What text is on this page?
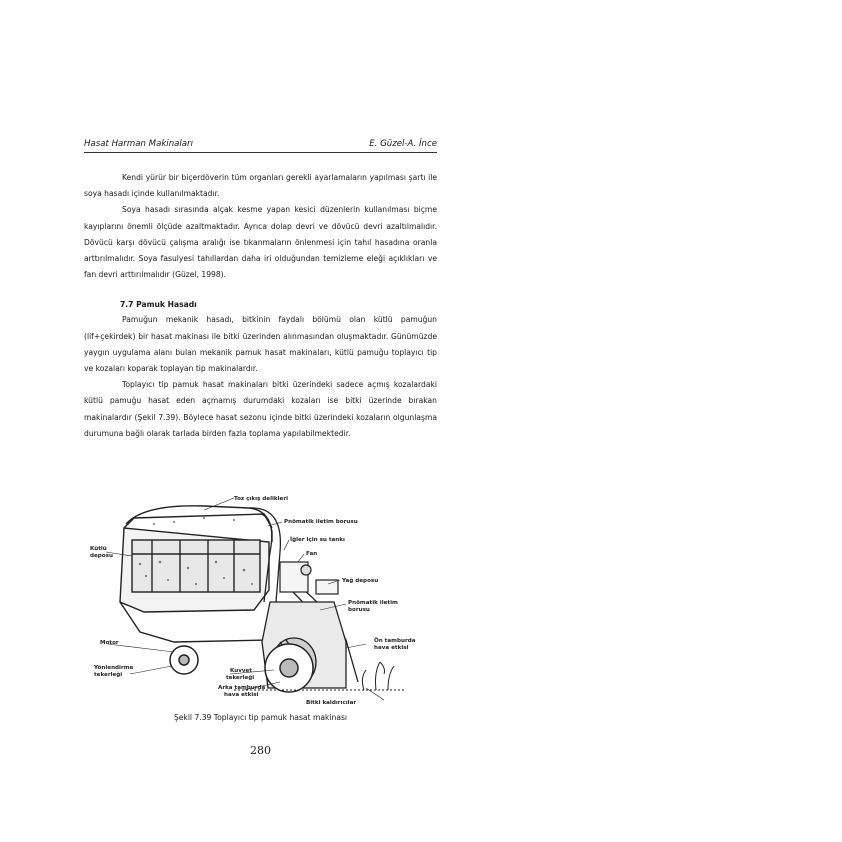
Hasat Harman Makinaları	E. Güzel-A. İnce

Kendi yürür bir biçerdöverin tüm organları gerekli ayarlamaların yapılması şartı ile soya hasadı içinde kullanılmaktadır.

Soya hasadı sırasında alçak kesme yapan kesici düzenlerin kullanılması biçme kayıplarını önemli ölçüde azaltmaktadır. Ayrıca dolap devri ve dövücü devri azaltılmalıdır. Dövücü karşı dövücü çalışma aralığı ise tıkanmaların önlenmesi için tahıl hasadına oranla arttırılmalıdır. Soya fasulyesi tahıllardan daha iri olduğundan temizleme eleği açıklıkları ve fan devri arttırılmalıdır (Güzel, 1998).

7.7 Pamuk Hasadı

Pamuğun mekanik hasadı, bitkinin faydalı bölümü olan kütlü pamuğun (lif+çekirdek) bir hasat makinası ile bitki üzerinden alınmasından oluşmaktadır. Günümüzde yaygın uygulama alanı bulan mekanik pamuk hasat makinaları, kütlü pamuğu toplayıcı tip ve kozaları koparak toplayan tip makinalardır.

Toplayıcı tip pamuk hasat makinaları bitki üzerindeki sadece açmış kozalardaki kütlü pamuğu hasat eden açmamış durumdaki kozaları ise bitki üzerinde bırakan makinalardır (Şekil 7.39). Böylece hasat sezonu içinde bitki üzerindeki kozaların olgunlaşma durumuna bağlı olarak tarlada birden fazla toplama yapılabilmektedir.

Toz çıkış delikleri
Pnömatik iletim borusu
İğler için su tankı
Fan
Yağ deposu
Pnömatik iletim
borusu
Kütlü
deposu
Ön tamburda
hava etkisi
Motor
Yönlendirme
tekerleği
Kuvvet
tekerleği
Arka tamburda
hava etkisi
Bitki kaldırıcılar
Şekil 7.39 Toplayıcı tip pamuk hasat makinası
280
